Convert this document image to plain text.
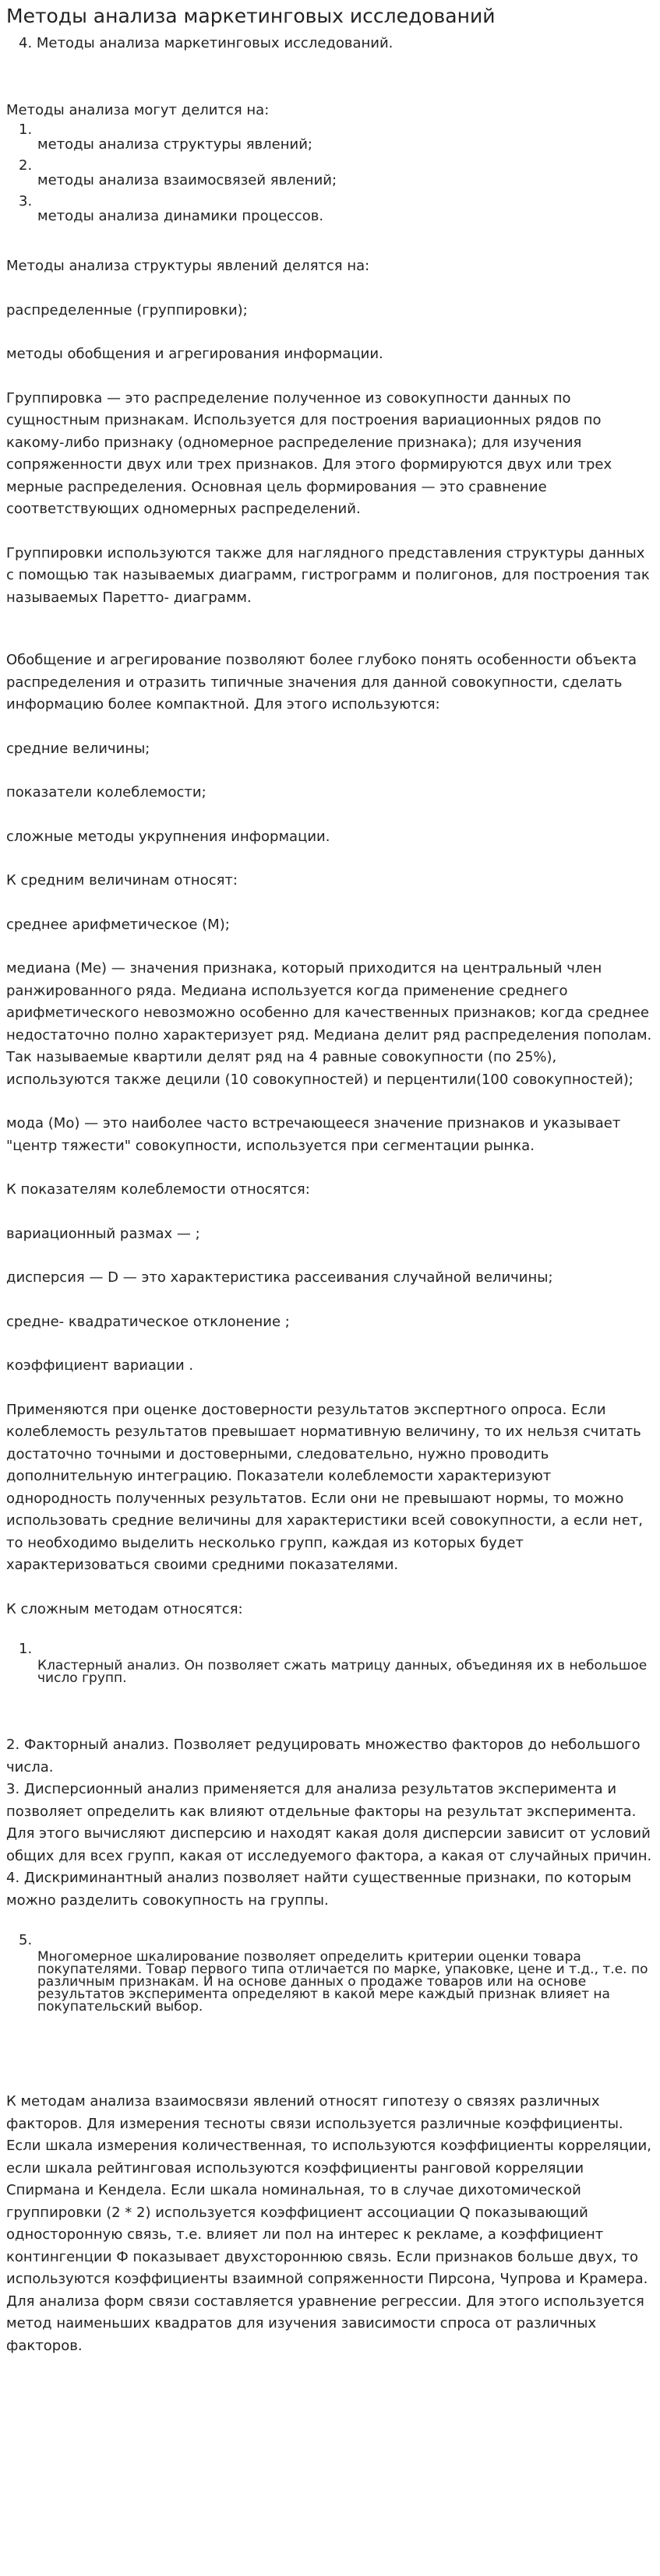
Методы анализа маркетинговых исследований

4. Методы анализа маркетинговых исследований.

Методы анализа могут делится на:

1.
методы анализа структуры явлений;
2.
методы анализа взаимосвязей явлений;
3.
методы анализа динамики процессов.

Методы анализа структуры явлений делятся на:

распределенные (группировки);

методы обобщения и агрегирования информации.

Группировка — это распределение полученное из совокупности данных по сущностным признакам. Используется для построения вариационных рядов по какому-либо признаку (одномерное распределение признака); для изучения сопряженности двух или трех признаков. Для этого формируются двух или трех мерные распределения. Основная цель формирования — это сравнение соответствующих одномерных распределений.

Группировки используются также для наглядного представления структуры данных с помощью так называемых диаграмм, гистрограмм и полигонов, для построения так называемых Паретто- диаграмм.

Обобщение и агрегирование позволяют более глубоко понять особенности объекта распределения и отразить типичные значения для данной совокупности, сделать информацию более компактной. Для этого используются:

средние величины;

показатели колеблемости;

сложные методы укрупнения информации.

К средним величинам относят:

среднее арифметическое (М);

медиана (Ме) — значения признака, который приходится на центральный член ранжированного ряда. Медиана используется когда применение среднего арифметического невозможно особенно для качественных признаков; когда среднее недостаточно полно характеризует ряд. Медиана делит ряд распределения пополам. Так называемые квартили делят ряд на 4 равные совокупности (по 25%), используются также децили (10 совокупностей) и перцентили(100 совокупностей);

мода (Мо) — это наиболее часто встречающееся значение признаков и указывает "центр тяжести" совокупности, используется при сегментации рынка.

К показателям колеблемости относятся:

вариационный размах — ;

дисперсия — D — это характеристика рассеивания случайной величины;

средне- квадратическое отклонение ;

коэффициент вариации .

Применяются при оценке достоверности результатов экспертного опроса. Если колеблемость результатов превышает нормативную величину, то их нельзя считать достаточно точными и достоверными, следовательно, нужно проводить дополнительную интеграцию. Показатели колеблемости характеризуют однородность полученных результатов. Если они не превышают нормы, то можно использовать средние величины для характеристики всей совокупности, а если нет, то необходимо выделить несколько групп, каждая из которых будет характеризоваться своими средними показателями.

К сложным методам относятся:

1.
Кластерный анализ. Он позволяет сжать матрицу данных, объединяя их в небольшое число групп.

2. Факторный анализ. Позволяет редуцировать множество факторов до небольшого числа.

3. Дисперсионный анализ применяется для анализа результатов эксперимента и позволяет определить как влияют отдельные факторы на результат эксперимента. Для этого вычисляют дисперсию и находят какая доля дисперсии зависит от условий общих для всех групп, какая от исследуемого фактора, а какая от случайных причин.

4. Дискриминантный анализ позволяет найти существенные признаки, по которым можно разделить совокупность на группы.

5.
Многомерное шкалирование позволяет определить критерии оценки товара покупателями. Товар первого типа отличается по марке, упаковке, цене и т.д., т.е. по различным признакам. И на основе данных о продаже товаров или на основе результатов эксперимента определяют в какой мере каждый признак влияет на покупательский выбор.

К методам анализа взаимосвязи явлений относят гипотезу о связях различных факторов. Для измерения тесноты связи используется различные коэффициенты. Если шкала измерения количественная, то используются коэффициенты корреляции, если шкала рейтинговая используются коэффициенты ранговой корреляции Спирмана и Кендела. Если шкала номинальная, то в случае дихотомической группировки (2 * 2) используется коэффициент ассоциации Q показывающий односторонную связь, т.е. влияет ли пол на интерес к рекламе, а коэффициент контингенции Ф показывает двухстороннюю связь. Если признаков больше двух, то используются коэффициенты взаимной сопряженности Пирсона, Чупрова и Крамера. Для анализа форм связи составляется уравнение регрессии. Для этого используется метод наименьших квадратов для изучения зависимости спроса от различных факторов.
